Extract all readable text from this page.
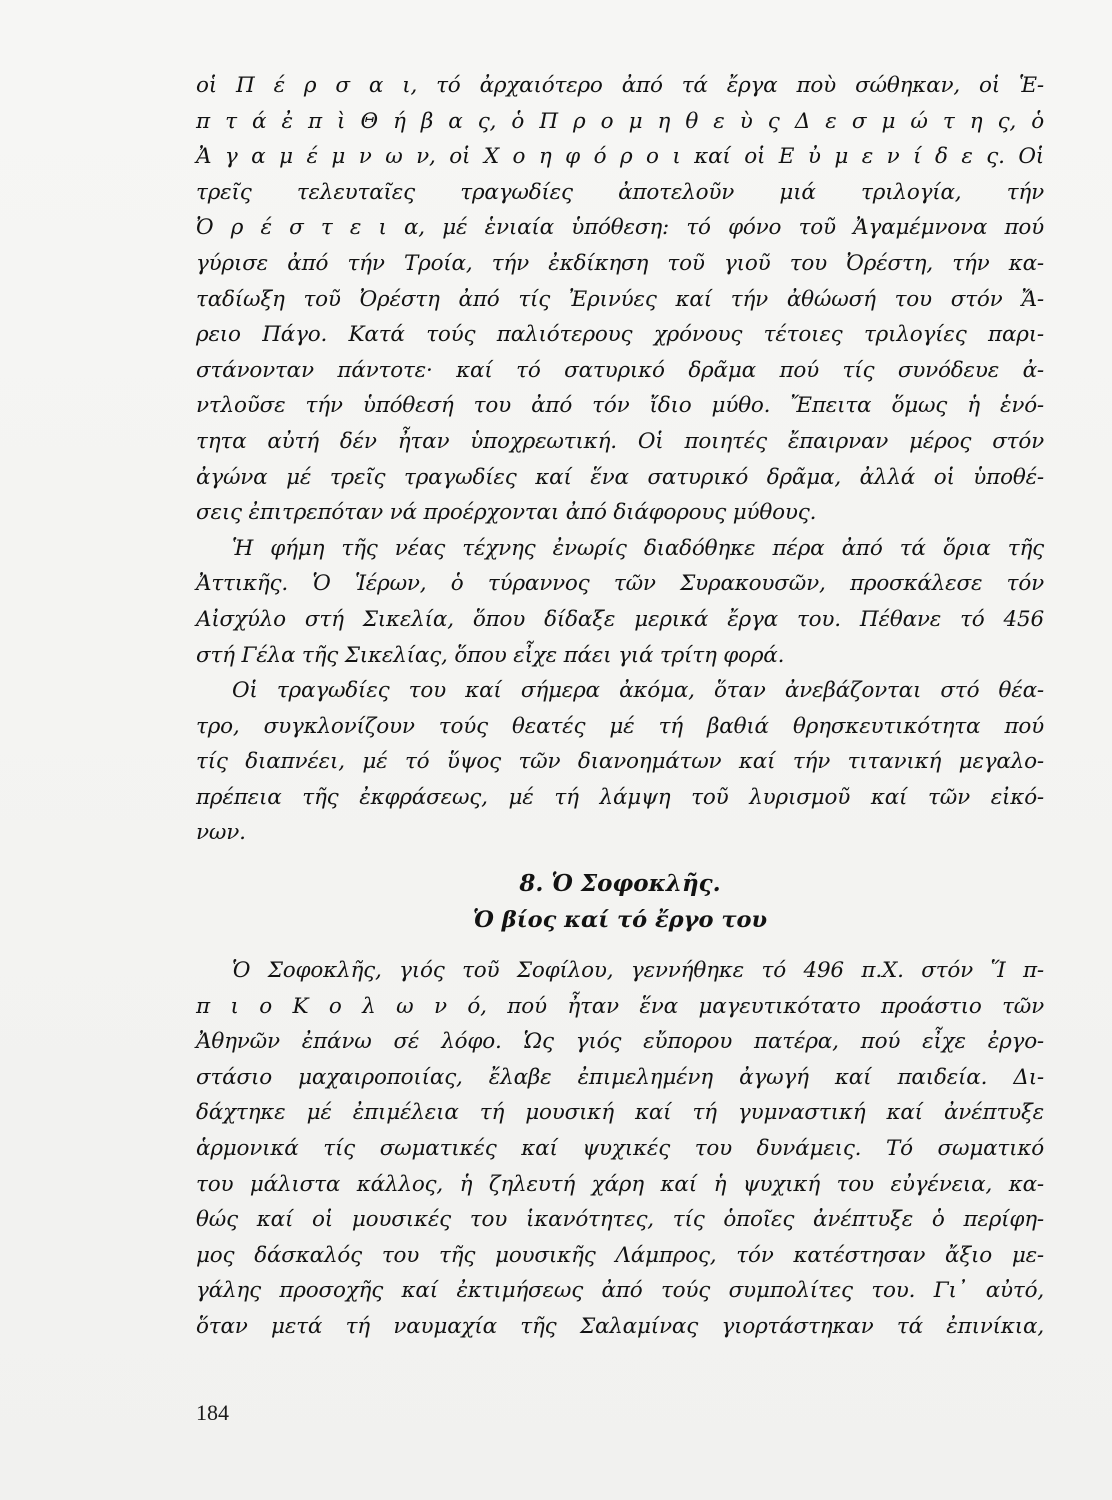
οἱ Π έ ρ σ α ι, τό ἀρχαιότερο ἀπό τά ἔργα ποὺ σώθηκαν, οἱ Ἑ-
π τ ά ἐ π ὶ Θ ή β α ς, ὁ Π ρ ο μ η θ ε ὺ ς Δ ε σ μ ώ τ η ς, ὁ
Ἀ γ α μ έ μ ν ω ν, οἱ Χ ο η φ ό ρ ο ι καί οἱ Ε ὐ μ ε ν ί δ ε ς. Οἱ
τρεῖς τελευταῖες τραγωδίες ἀποτελοῦν μιά τριλογία, τήν
Ὀ ρ έ σ τ ε ι α, μέ ἑνιαία ὑπόθεση: τό φόνο τοῦ Ἀγαμέμνονα πού
γύρισε ἀπό τήν Τροία, τήν ἐκδίκηση τοῦ γιοῦ του Ὀρέστη, τήν κα-
ταδίωξη τοῦ Ὀρέστη ἀπό τίς Ἐρινύες καί τήν ἀθώωσή του στόν Ἄ-
ρειο Πάγο. Κατά τούς παλιότερους χρόνους τέτοιες τριλογίες παρι-
στάνονταν πάντοτε· καί τό σατυρικό δρᾶμα πού τίς συνόδευε ἀ-
ντλοῦσε τήν ὑπόθεσή του ἀπό τόν ἴδιο μύθο. Ἔπειτα ὅμως ἡ ἑνό-
τητα αὐτή δέν ἦταν ὑποχρεωτική. Οἱ ποιητές ἔπαιρναν μέρος στόν
ἀγώνα μέ τρεῖς τραγωδίες καί ἕνα σατυρικό δρᾶμα, ἀλλά οἱ ὑποθέ-
σεις ἐπιτρεπόταν νά προέρχονται ἀπό διάφορους μύθους.
Ἡ φήμη τῆς νέας τέχνης ἐνωρίς διαδόθηκε πέρα ἀπό τά ὅρια τῆς
Ἀττικῆς. Ὁ Ἱέρων, ὁ τύραννος τῶν Συρακουσῶν, προσκάλεσε τόν
Αἰσχύλο στή Σικελία, ὅπου δίδαξε μερικά ἔργα του. Πέθανε τό 456
στή Γέλα τῆς Σικελίας, ὅπου εἶχε πάει γιά τρίτη φορά.
Οἱ τραγωδίες του καί σήμερα ἀκόμα, ὅταν ἀνεβάζονται στό θέα-
τρο, συγκλονίζουν τούς θεατές μέ τή βαθιά θρησκευτικότητα πού
τίς διαπνέει, μέ τό ὕψος τῶν διανοημάτων καί τήν τιτανική μεγαλο-
πρέπεια τῆς ἐκφράσεως, μέ τή λάμψη τοῦ λυρισμοῦ καί τῶν εἰκό-
νων.
8. Ὁ Σοφοκλῆς.
Ὁ βίος καί τό ἔργο του
Ὁ Σοφοκλῆς, γιός τοῦ Σοφίλου, γεννήθηκε τό 496 π.Χ. στόν Ἵ π-
π ι ο Κ ο λ ω ν ό, πού ἦταν ἕνα μαγευτικότατο προάστιο τῶν
Ἀθηνῶν ἐπάνω σέ λόφο. Ὡς γιός εὔπορου πατέρα, πού εἶχε ἐργο-
στάσιο μαχαιροποιίας, ἔλαβε ἐπιμελημένη ἀγωγή καί παιδεία. Δι-
δάχτηκε μέ ἐπιμέλεια τή μουσική καί τή γυμναστική καί ἀνέπτυξε
ἁρμονικά τίς σωματικές καί ψυχικές του δυνάμεις. Τό σωματικό
του μάλιστα κάλλος, ἡ ζηλευτή χάρη καί ἡ ψυχική του εὐγένεια, κα-
θώς καί οἱ μουσικές του ἱκανότητες, τίς ὁποῖες ἀνέπτυξε ὁ περίφη-
μος δάσκαλός του τῆς μουσικῆς Λάμπρος, τόν κατέστησαν ἄξιο με-
γάλης προσοχῆς καί ἐκτιμήσεως ἀπό τούς συμπολίτες του. Γι᾿ αὐτό,
ὅταν μετά τή ναυμαχία τῆς Σαλαμίνας γιορτάστηκαν τά ἐπινίκια,
184
